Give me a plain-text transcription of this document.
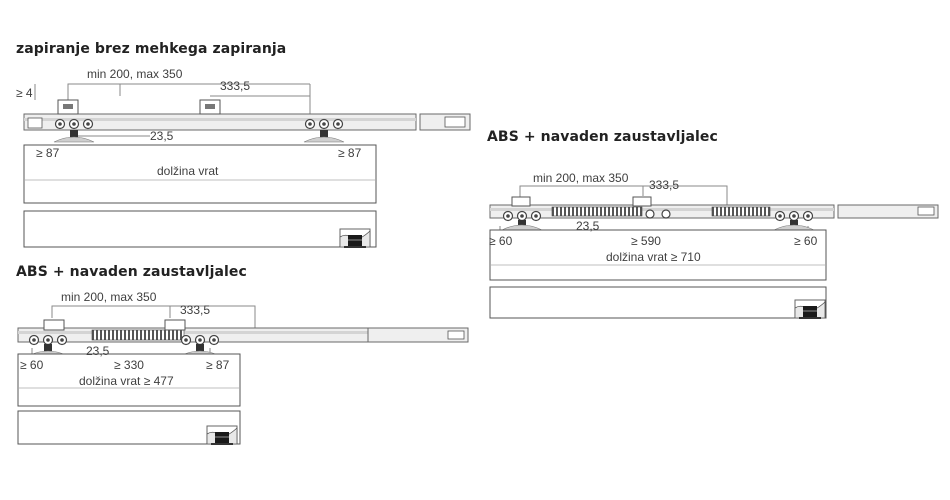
zapiranje brez mehkega zapiranja
min 200, max 350
333,5
≥ 4
23,5
≥ 87	≥ 87
dolžina vrat
ABS + navaden zaustavljalec
min 200, max 350
333,5
23,5
≥ 60	≥ 330	≥ 87
dolžina vrat ≥ 477
ABS + navaden zaustavljalec
min 200, max 350 333,5
23,5
≥ 60	≥ 590	≥ 60
dolžina vrat ≥ 710
